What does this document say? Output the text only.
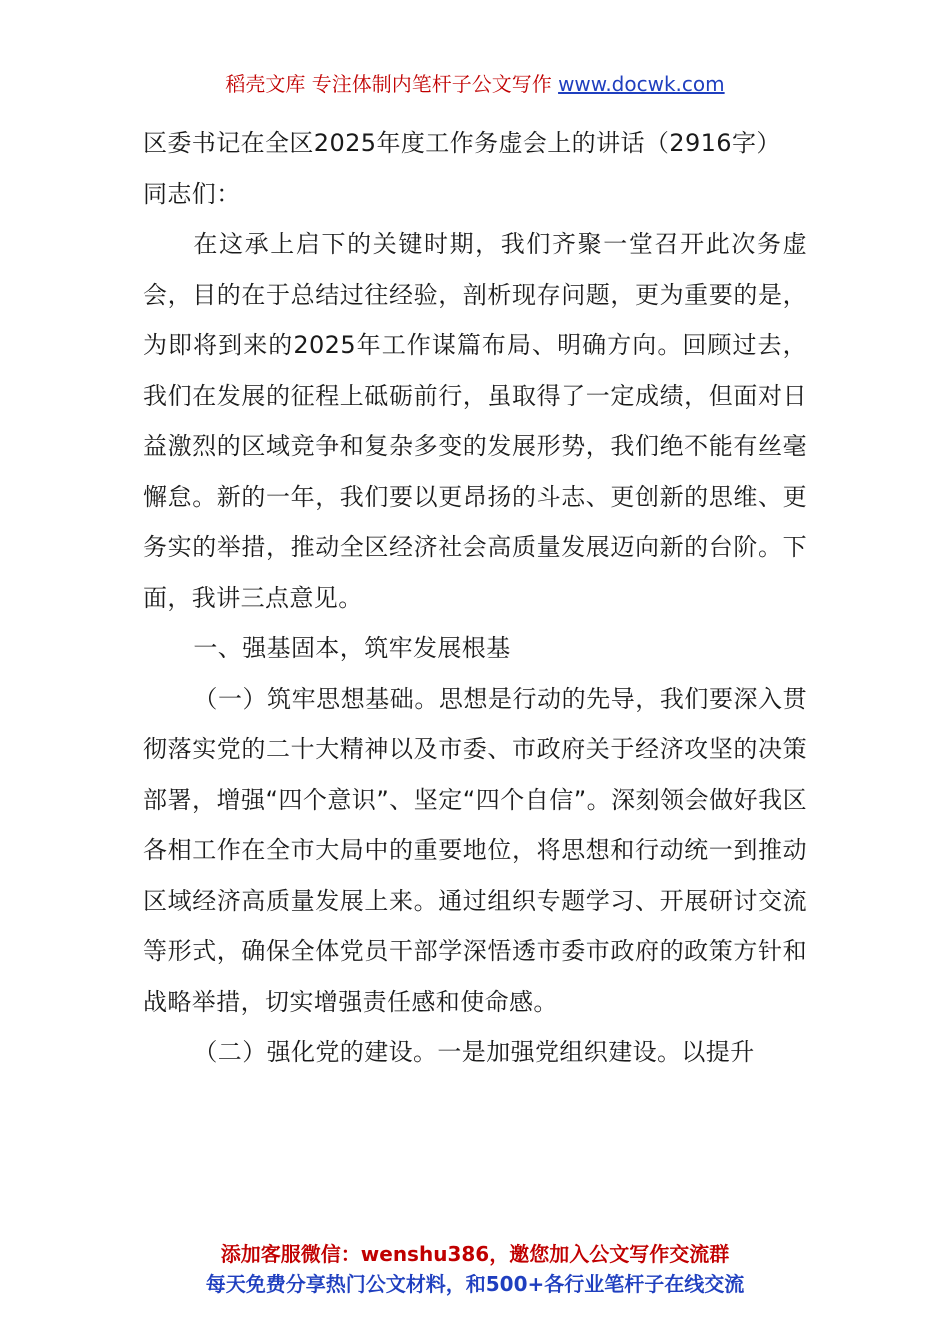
稻壳文库 专注体制内笔杆子公文写作 www.docwk.com

区委书记在全区2025年度工作务虚会上的讲话（2916字）

同志们：

在这承上启下的关键时期，我们齐聚一堂召开此次务虚会，目的在于总结过往经验，剖析现存问题，更为重要的是，为即将到来的2025年工作谋篇布局、明确方向。回顾过去，我们在发展的征程上砥砺前行，虽取得了一定成绩，但面对日益激烈的区域竞争和复杂多变的发展形势，我们绝不能有丝毫懈怠。新的一年，我们要以更昂扬的斗志、更创新的思维、更务实的举措，推动全区经济社会高质量发展迈向新的台阶。下面，我讲三点意见。

一、强基固本，筑牢发展根基

（一）筑牢思想基础。思想是行动的先导，我们要深入贯彻落实党的二十大精神以及市委、市政府关于经济攻坚的决策部署，增强“四个意识”、坚定“四个自信”。深刻领会做好我区各相工作在全市大局中的重要地位，将思想和行动统一到推动区域经济高质量发展上来。通过组织专题学习、开展研讨交流等形式，确保全体党员干部学深悟透市委市政府的政策方针和战略举措，切实增强责任感和使命感。

（二）强化党的建设。一是加强党组织建设。以提升

添加客服微信：wenshu386，邀您加入公文写作交流群
每天免费分享热门公文材料，和500+各行业笔杆子在线交流
